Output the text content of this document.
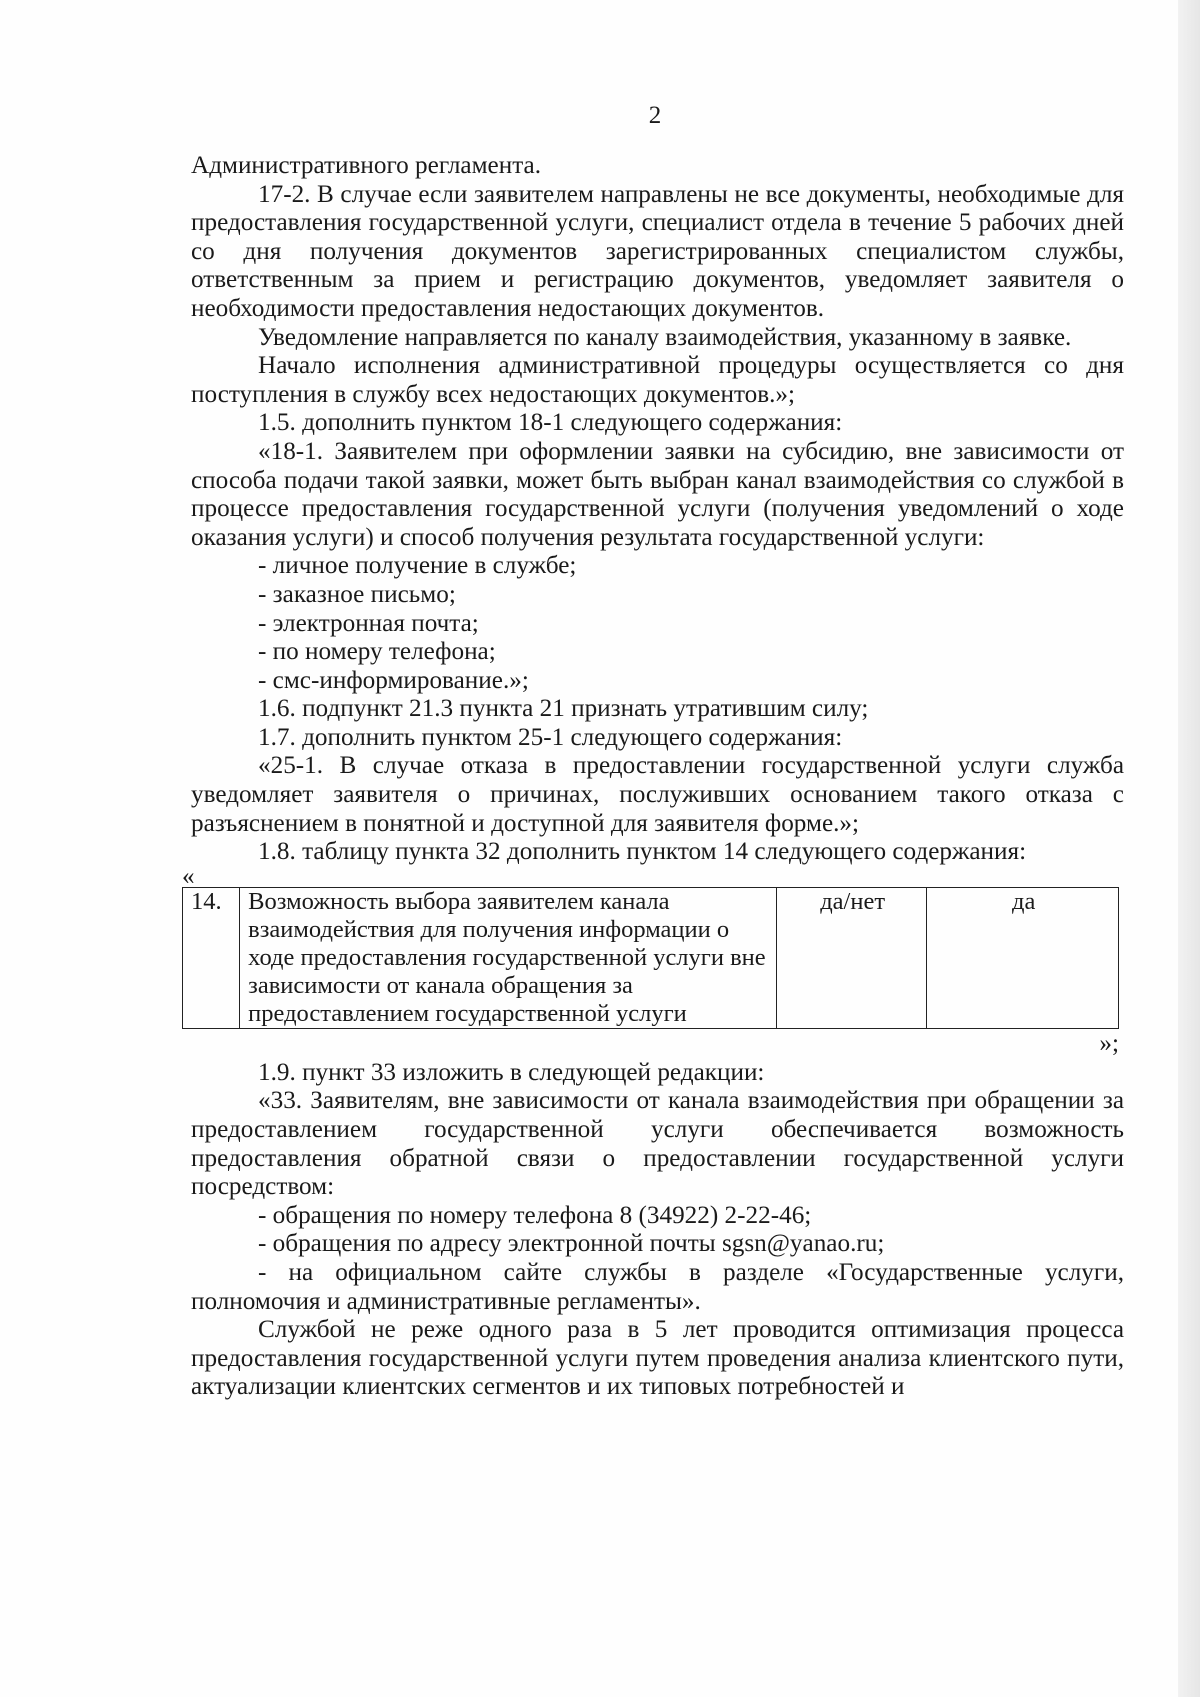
2

Административного регламента.

17-2. В случае если заявителем направлены не все документы, необходимые для предоставления государственной услуги, специалист отдела в течение 5 рабочих дней со дня получения документов зарегистрированных специалистом службы, ответственным за прием и регистрацию документов, уведомляет заявителя о необходимости предоставления недостающих документов.

Уведомление направляется по каналу взаимодействия, указанному в заявке.

Начало исполнения административной процедуры осуществляется со дня поступления в службу всех недостающих документов.»;

1.5. дополнить пунктом 18-1 следующего содержания:

«18-1. Заявителем при оформлении заявки на субсидию, вне зависимости от способа подачи такой заявки, может быть выбран канал взаимодействия со службой в процессе предоставления государственной услуги (получения уведомлений о ходе оказания услуги) и способ получения результата государственной услуги:

- личное получение в службе;

- заказное письмо;

- электронная почта;

- по номеру телефона;

- смс-информирование.»;

1.6. подпункт 21.3 пункта 21 признать утратившим силу;

1.7. дополнить пунктом 25-1 следующего содержания:

«25-1. В случае отказа в предоставлении государственной услуги служба уведомляет заявителя о причинах, послуживших основанием такого отказа с разъяснением в понятной и доступной для заявителя форме.»;

1.8. таблицу пункта 32 дополнить пунктом 14 следующего содержания:

«
14.	Возможность выбора заявителем канала взаимодействия для получения информации о ходе предоставления государственной услуги вне зависимости от канала обращения за предоставлением государственной услуги	да/нет	да
»;

1.9. пункт 33 изложить в следующей редакции:

«33. Заявителям, вне зависимости от канала взаимодействия при обращении за предоставлением государственной услуги обеспечивается возможность предоставления обратной связи о предоставлении государственной услуги посредством:

- обращения по номеру телефона 8 (34922) 2-22-46;

- обращения по адресу электронной почты sgsn@yanao.ru;

- на официальном сайте службы в разделе «Государственные услуги, полномочия и административные регламенты».

Службой не реже одного раза в 5 лет проводится оптимизация процесса предоставления государственной услуги путем проведения анализа клиентского пути, актуализации клиентских сегментов и их типовых потребностей и
